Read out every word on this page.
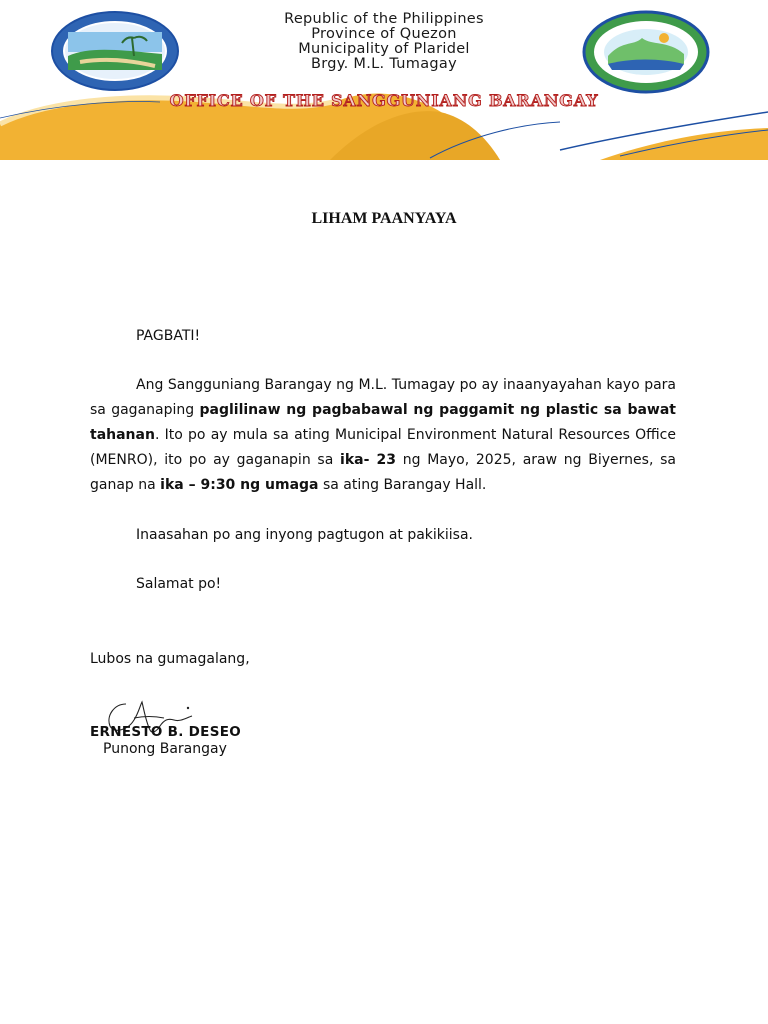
Republic of the Philippines
Province of Quezon
Municipality of Plaridel
Brgy. M.L. Tumagay
OFFICE OF THE SANGGUNIANG BARANGAY
LIHAM PAANYAYA
PAGBATI!
Ang Sangguniang Barangay ng M.L. Tumagay po ay inaanyayahan kayo para sa gaganaping paglilinaw ng pagbabawal ng paggamit ng plastic sa bawat tahanan. Ito po ay mula sa ating Municipal Environment Natural Resources Office (MENRO), ito po ay gaganapin sa ika- 23 ng Mayo, 2025, araw ng Biyernes, sa ganap na ika – 9:30 ng umaga sa ating Barangay Hall.
Inaasahan po ang inyong pagtugon at pakikiisa.
Salamat po!
Lubos na gumagalang,
ERNESTO B. DESEO
Punong Barangay
